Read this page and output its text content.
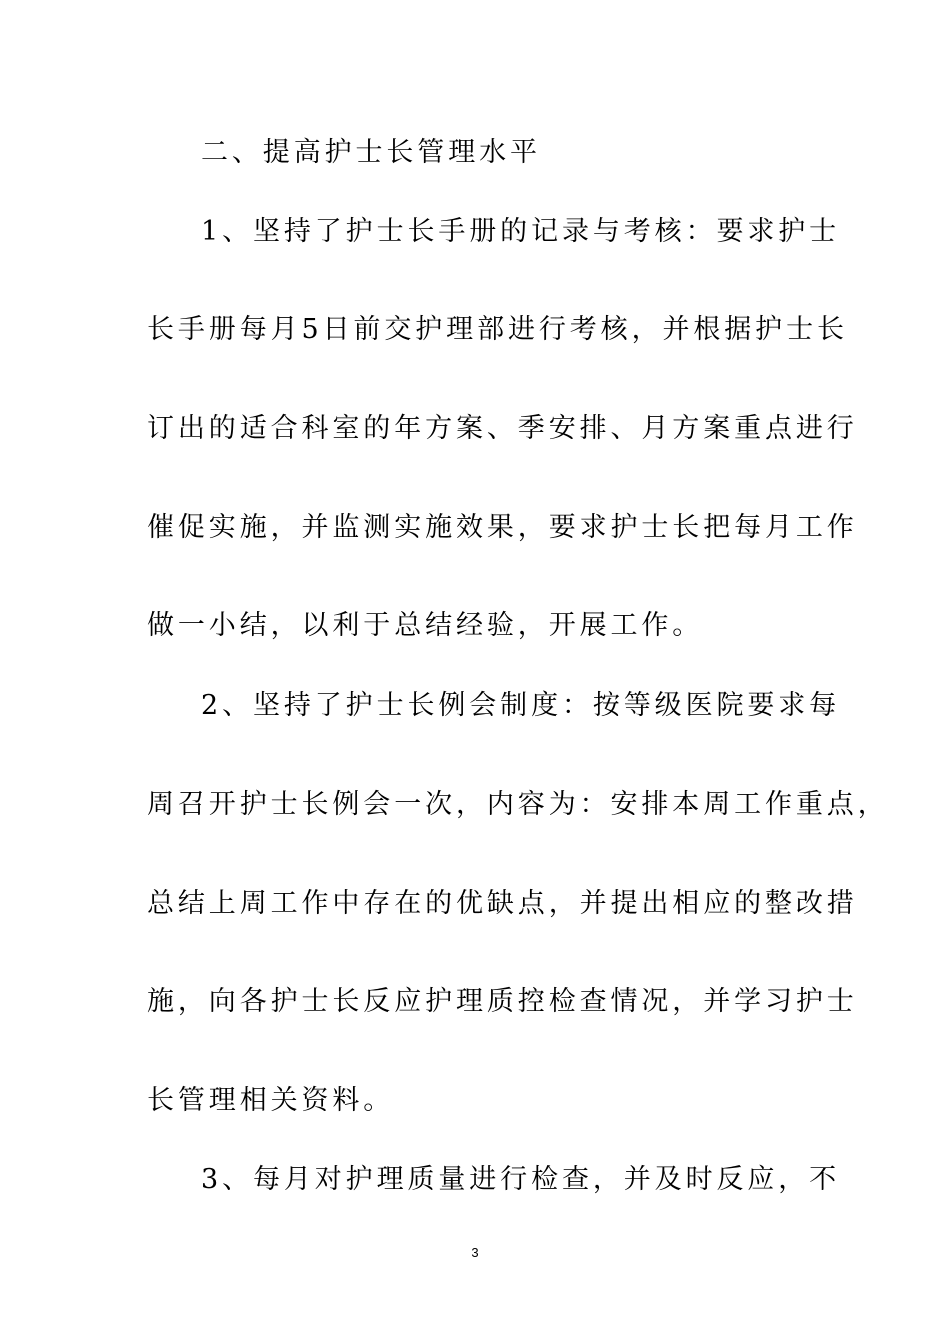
二、提高护士长管理水平
1、坚持了护士长手册的记录与考核：要求护士
长手册每月5日前交护理部进行考核，并根据护士长
订出的适合科室的年方案、季安排、月方案重点进行
催促实施，并监测实施效果，要求护士长把每月工作
做一小结，以利于总结经验，开展工作。
2、坚持了护士长例会制度：按等级医院要求每
周召开护士长例会一次，内容为：安排本周工作重点，
总结上周工作中存在的优缺点，并提出相应的整改措
施，向各护士长反应护理质控检查情况，并学习护士
长管理相关资料。
3、每月对护理质量进行检查，并及时反应，不
3
